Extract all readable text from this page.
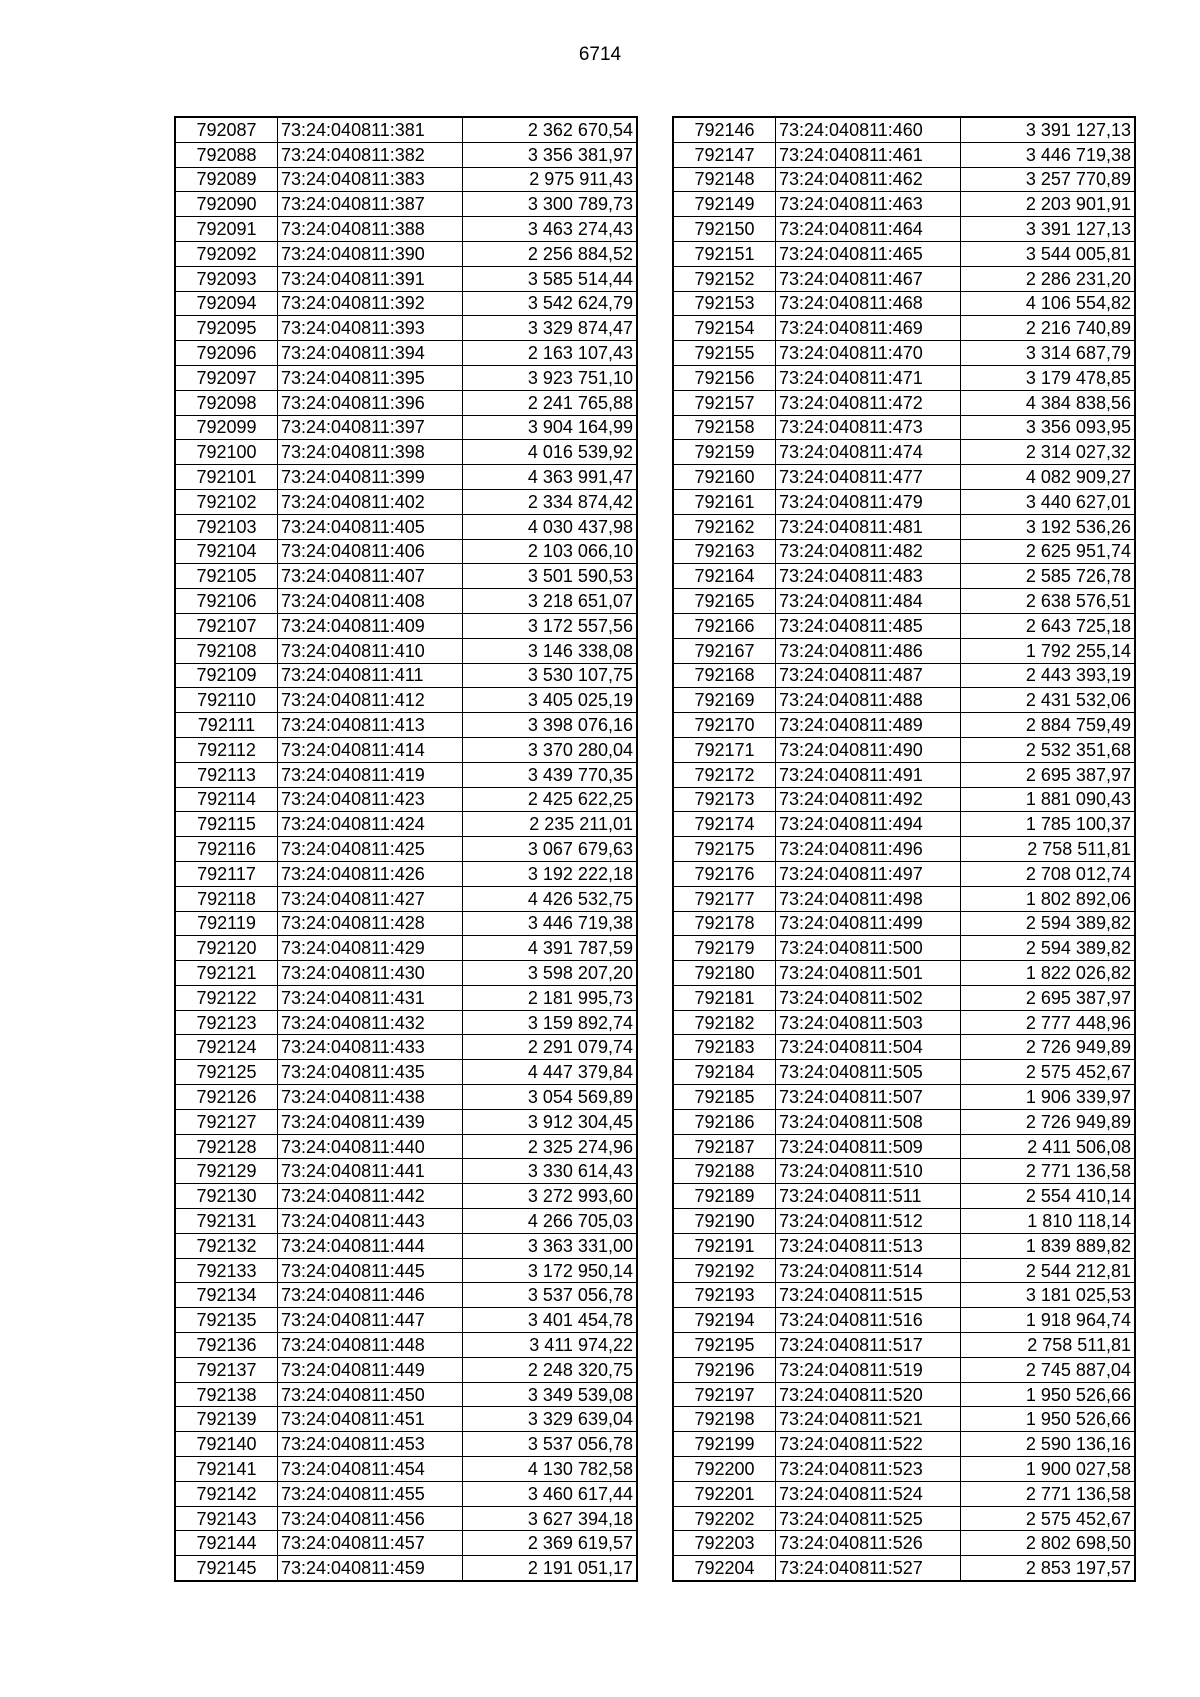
6714
792087	73:24:040811:381	2 362 670,54
792088	73:24:040811:382	3 356 381,97
792089	73:24:040811:383	2 975 911,43
792090	73:24:040811:387	3 300 789,73
792091	73:24:040811:388	3 463 274,43
792092	73:24:040811:390	2 256 884,52
792093	73:24:040811:391	3 585 514,44
792094	73:24:040811:392	3 542 624,79
792095	73:24:040811:393	3 329 874,47
792096	73:24:040811:394	2 163 107,43
792097	73:24:040811:395	3 923 751,10
792098	73:24:040811:396	2 241 765,88
792099	73:24:040811:397	3 904 164,99
792100	73:24:040811:398	4 016 539,92
792101	73:24:040811:399	4 363 991,47
792102	73:24:040811:402	2 334 874,42
792103	73:24:040811:405	4 030 437,98
792104	73:24:040811:406	2 103 066,10
792105	73:24:040811:407	3 501 590,53
792106	73:24:040811:408	3 218 651,07
792107	73:24:040811:409	3 172 557,56
792108	73:24:040811:410	3 146 338,08
792109	73:24:040811:411	3 530 107,75
792110	73:24:040811:412	3 405 025,19
792111	73:24:040811:413	3 398 076,16
792112	73:24:040811:414	3 370 280,04
792113	73:24:040811:419	3 439 770,35
792114	73:24:040811:423	2 425 622,25
792115	73:24:040811:424	2 235 211,01
792116	73:24:040811:425	3 067 679,63
792117	73:24:040811:426	3 192 222,18
792118	73:24:040811:427	4 426 532,75
792119	73:24:040811:428	3 446 719,38
792120	73:24:040811:429	4 391 787,59
792121	73:24:040811:430	3 598 207,20
792122	73:24:040811:431	2 181 995,73
792123	73:24:040811:432	3 159 892,74
792124	73:24:040811:433	2 291 079,74
792125	73:24:040811:435	4 447 379,84
792126	73:24:040811:438	3 054 569,89
792127	73:24:040811:439	3 912 304,45
792128	73:24:040811:440	2 325 274,96
792129	73:24:040811:441	3 330 614,43
792130	73:24:040811:442	3 272 993,60
792131	73:24:040811:443	4 266 705,03
792132	73:24:040811:444	3 363 331,00
792133	73:24:040811:445	3 172 950,14
792134	73:24:040811:446	3 537 056,78
792135	73:24:040811:447	3 401 454,78
792136	73:24:040811:448	3 411 974,22
792137	73:24:040811:449	2 248 320,75
792138	73:24:040811:450	3 349 539,08
792139	73:24:040811:451	3 329 639,04
792140	73:24:040811:453	3 537 056,78
792141	73:24:040811:454	4 130 782,58
792142	73:24:040811:455	3 460 617,44
792143	73:24:040811:456	3 627 394,18
792144	73:24:040811:457	2 369 619,57
792145	73:24:040811:459	2 191 051,17
792146	73:24:040811:460	3 391 127,13
792147	73:24:040811:461	3 446 719,38
792148	73:24:040811:462	3 257 770,89
792149	73:24:040811:463	2 203 901,91
792150	73:24:040811:464	3 391 127,13
792151	73:24:040811:465	3 544 005,81
792152	73:24:040811:467	2 286 231,20
792153	73:24:040811:468	4 106 554,82
792154	73:24:040811:469	2 216 740,89
792155	73:24:040811:470	3 314 687,79
792156	73:24:040811:471	3 179 478,85
792157	73:24:040811:472	4 384 838,56
792158	73:24:040811:473	3 356 093,95
792159	73:24:040811:474	2 314 027,32
792160	73:24:040811:477	4 082 909,27
792161	73:24:040811:479	3 440 627,01
792162	73:24:040811:481	3 192 536,26
792163	73:24:040811:482	2 625 951,74
792164	73:24:040811:483	2 585 726,78
792165	73:24:040811:484	2 638 576,51
792166	73:24:040811:485	2 643 725,18
792167	73:24:040811:486	1 792 255,14
792168	73:24:040811:487	2 443 393,19
792169	73:24:040811:488	2 431 532,06
792170	73:24:040811:489	2 884 759,49
792171	73:24:040811:490	2 532 351,68
792172	73:24:040811:491	2 695 387,97
792173	73:24:040811:492	1 881 090,43
792174	73:24:040811:494	1 785 100,37
792175	73:24:040811:496	2 758 511,81
792176	73:24:040811:497	2 708 012,74
792177	73:24:040811:498	1 802 892,06
792178	73:24:040811:499	2 594 389,82
792179	73:24:040811:500	2 594 389,82
792180	73:24:040811:501	1 822 026,82
792181	73:24:040811:502	2 695 387,97
792182	73:24:040811:503	2 777 448,96
792183	73:24:040811:504	2 726 949,89
792184	73:24:040811:505	2 575 452,67
792185	73:24:040811:507	1 906 339,97
792186	73:24:040811:508	2 726 949,89
792187	73:24:040811:509	2 411 506,08
792188	73:24:040811:510	2 771 136,58
792189	73:24:040811:511	2 554 410,14
792190	73:24:040811:512	1 810 118,14
792191	73:24:040811:513	1 839 889,82
792192	73:24:040811:514	2 544 212,81
792193	73:24:040811:515	3 181 025,53
792194	73:24:040811:516	1 918 964,74
792195	73:24:040811:517	2 758 511,81
792196	73:24:040811:519	2 745 887,04
792197	73:24:040811:520	1 950 526,66
792198	73:24:040811:521	1 950 526,66
792199	73:24:040811:522	2 590 136,16
792200	73:24:040811:523	1 900 027,58
792201	73:24:040811:524	2 771 136,58
792202	73:24:040811:525	2 575 452,67
792203	73:24:040811:526	2 802 698,50
792204	73:24:040811:527	2 853 197,57
